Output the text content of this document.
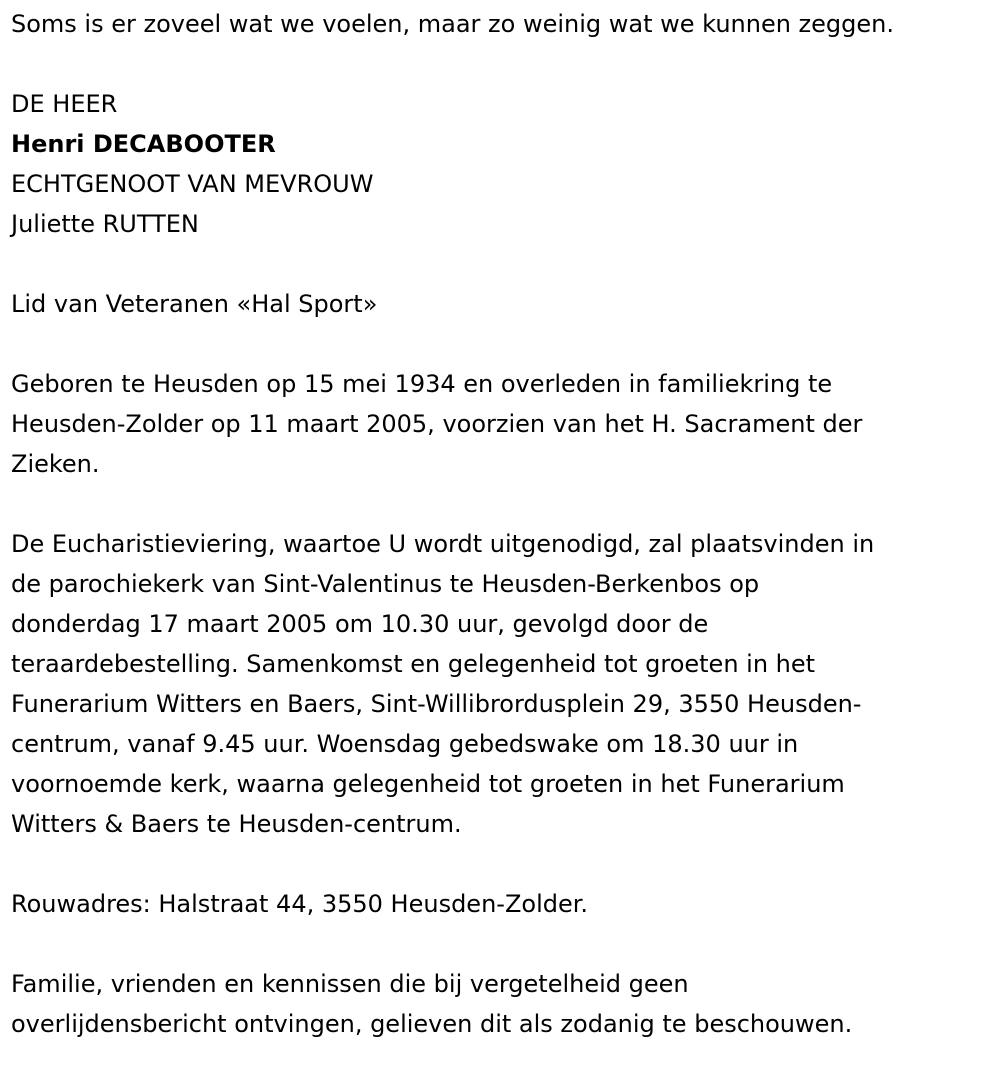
Soms is er zoveel wat we voelen, maar zo weinig wat we kunnen zeggen.

DE HEER

Henri DECABOOTER

ECHTGENOOT VAN MEVROUW

Juliette RUTTEN

Lid van Veteranen «Hal Sport»

Geboren te Heusden op 15 mei 1934 en overleden in familiekring te
Heusden-Zolder op 11 maart 2005, voorzien van het H. Sacrament der
Zieken.

De Eucharistieviering, waartoe U wordt uitgenodigd, zal plaatsvinden in
de parochiekerk van Sint-Valentinus te Heusden-Berkenbos op
donderdag 17 maart 2005 om 10.30 uur, gevolgd door de
teraardebestelling. Samenkomst en gelegenheid tot groeten in het
Funerarium Witters en Baers, Sint-Willibrordusplein 29, 3550 Heusden-
centrum, vanaf 9.45 uur. Woensdag gebedswake om 18.30 uur in
voornoemde kerk, waarna gelegenheid tot groeten in het Funerarium
Witters & Baers te Heusden-centrum.

Rouwadres: Halstraat 44, 3550 Heusden-Zolder.

Familie, vrienden en kennissen die bij vergetelheid geen
overlijdensbericht ontvingen, gelieven dit als zodanig te beschouwen.
